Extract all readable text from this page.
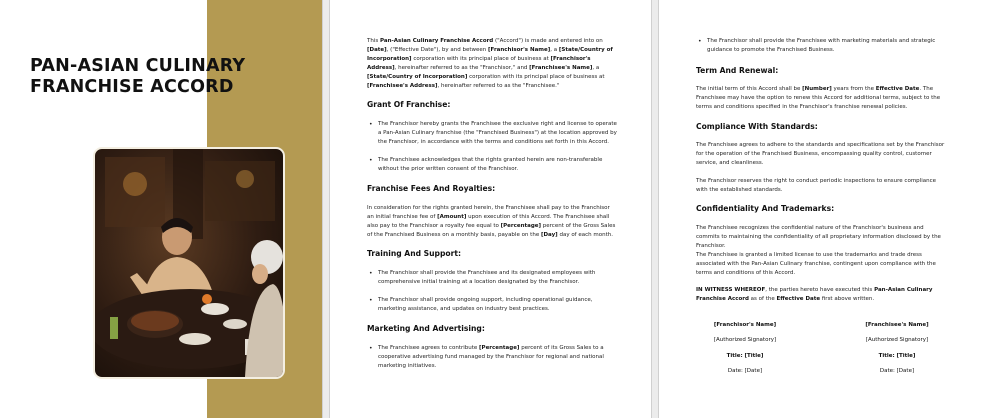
PAN-ASIAN CULINARY
FRANCHISE ACCORD

This Pan-Asian Culinary Franchise Accord ("Accord") is made and entered into on [Date], ("Effective Date"), by and between [Franchisor's Name], a [State/Country of Incorporation] corporation with its principal place of business at [Franchisor's Address], hereinafter referred to as the "Franchisor," and [Franchisee's Name], a [State/Country of Incorporation] corporation with its principal place of business at [Franchisee's Address], hereinafter referred to as the "Franchisee."

Grant Of Franchise:

• The Franchisor hereby grants the Franchisee the exclusive right and license to operate a Pan-Asian Culinary franchise (the "Franchised Business") at the location approved by the Franchisor, in accordance with the terms and conditions set forth in this Accord.

• The Franchisee acknowledges that the rights granted herein are non-transferable without the prior written consent of the Franchisor.

Franchise Fees And Royalties:

In consideration for the rights granted herein, the Franchisee shall pay to the Franchisor an initial franchise fee of [Amount] upon execution of this Accord. The Franchisee shall also pay to the Franchisor a royalty fee equal to [Percentage] percent of the Gross Sales of the Franchised Business on a monthly basis, payable on the [Day] day of each month.

Training And Support:

• The Franchisor shall provide the Franchisee and its designated employees with comprehensive initial training at a location designated by the Franchisor.

• The Franchisor shall provide ongoing support, including operational guidance, marketing assistance, and updates on industry best practices.

Marketing And Advertising:

• The Franchisee agrees to contribute [Percentage] percent of its Gross Sales to a cooperative advertising fund managed by the Franchisor for regional and national marketing initiatives.

• The Franchisor shall provide the Franchisee with marketing materials and strategic guidance to promote the Franchised Business.

Term And Renewal:

The initial term of this Accord shall be [Number] years from the Effective Date. The Franchisee may have the option to renew this Accord for additional terms, subject to the terms and conditions specified in the Franchisor's franchise renewal policies.

Compliance With Standards:

The Franchisee agrees to adhere to the standards and specifications set by the Franchisor for the operation of the Franchised Business, encompassing quality control, customer service, and cleanliness.

The Franchisor reserves the right to conduct periodic inspections to ensure compliance with the established standards.

Confidentiality And Trademarks:

The Franchisee recognizes the confidential nature of the Franchisor's business and commits to maintaining the confidentiality of all proprietary information disclosed by the Franchisor.

The Franchisee is granted a limited license to use the trademarks and trade dress associated with the Pan-Asian Culinary franchise, contingent upon compliance with the terms and conditions of this Accord.

IN WITNESS WHEREOF, the parties hereto have executed this Pan-Asian Culinary Franchise Accord as of the Effective Date first above written.

[Franchisor's Name]
[Authorized Signatory]
Title: [Title]
Date: [Date]
[Franchisee's Name]
[Authorized Signatory]
Title: [Title]
Date: [Date]
